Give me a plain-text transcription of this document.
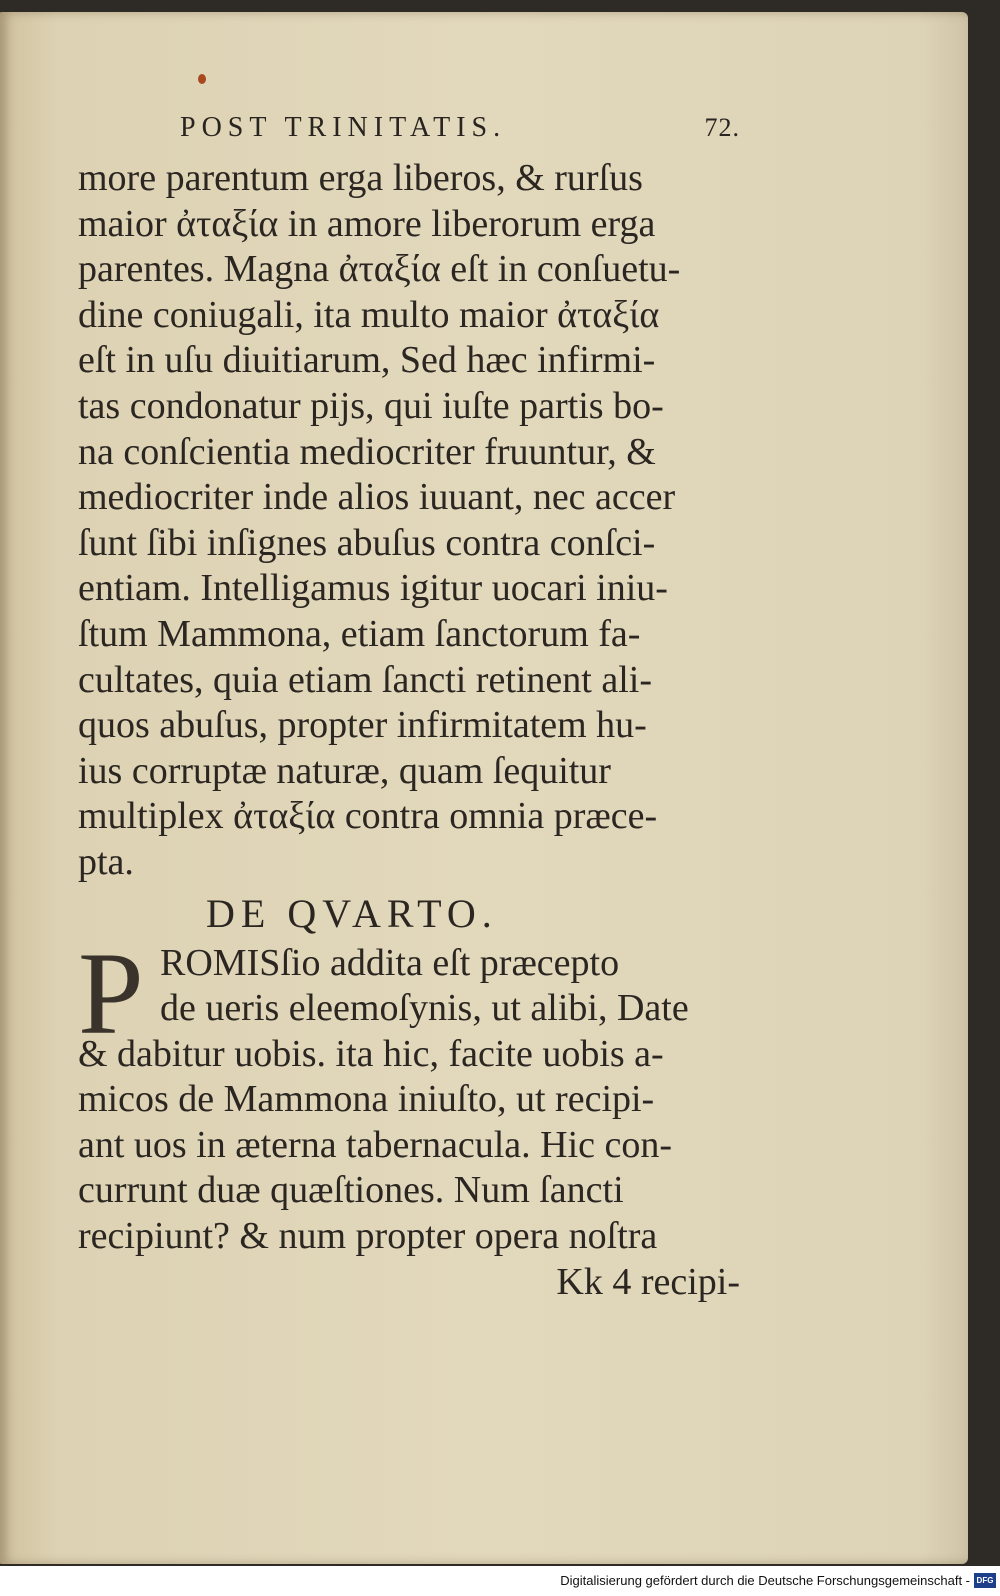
POST TRINITATIS.	72.
more parentum erga liberos, & rurſus
maior ἀταξία in amore liberorum erga
parentes. Magna ἀταξία eſt in conſuetu-
dine coniugali, ita multo maior ἀταξία
eſt in uſu diuitiarum, Sed hæc infirmi-
tas condonatur pijs, qui iuſte partis bo-
na conſcientia mediocriter fruuntur, &
mediocriter inde alios iuuant, nec accer
ſunt ſibi inſignes abuſus contra conſci-
entiam. Intelligamus igitur uocari iniu-
ſtum Mammona, etiam ſanctorum fa-
cultates, quia etiam ſancti retinent ali-
quos abuſus, propter infirmitatem hu-
ius corruptæ naturæ, quam ſequitur
multiplex ἀταξία contra omnia præce-
pta.
DE QVARTO.
P ROMISſio addita eſt præcepto
de ueris eleemoſynis, ut alibi, Date
& dabitur uobis. ita hic, facite uobis a-
micos de Mammona iniuſto, ut recipi-
ant uos in æterna tabernacula. Hic con-
currunt duæ quæſtiones. Num ſancti
recipiunt? & num propter opera noſtra
Kk 4 recipi-
Digitalisierung gefördert durch die Deutsche Forschungsgemeinschaft - DFG
